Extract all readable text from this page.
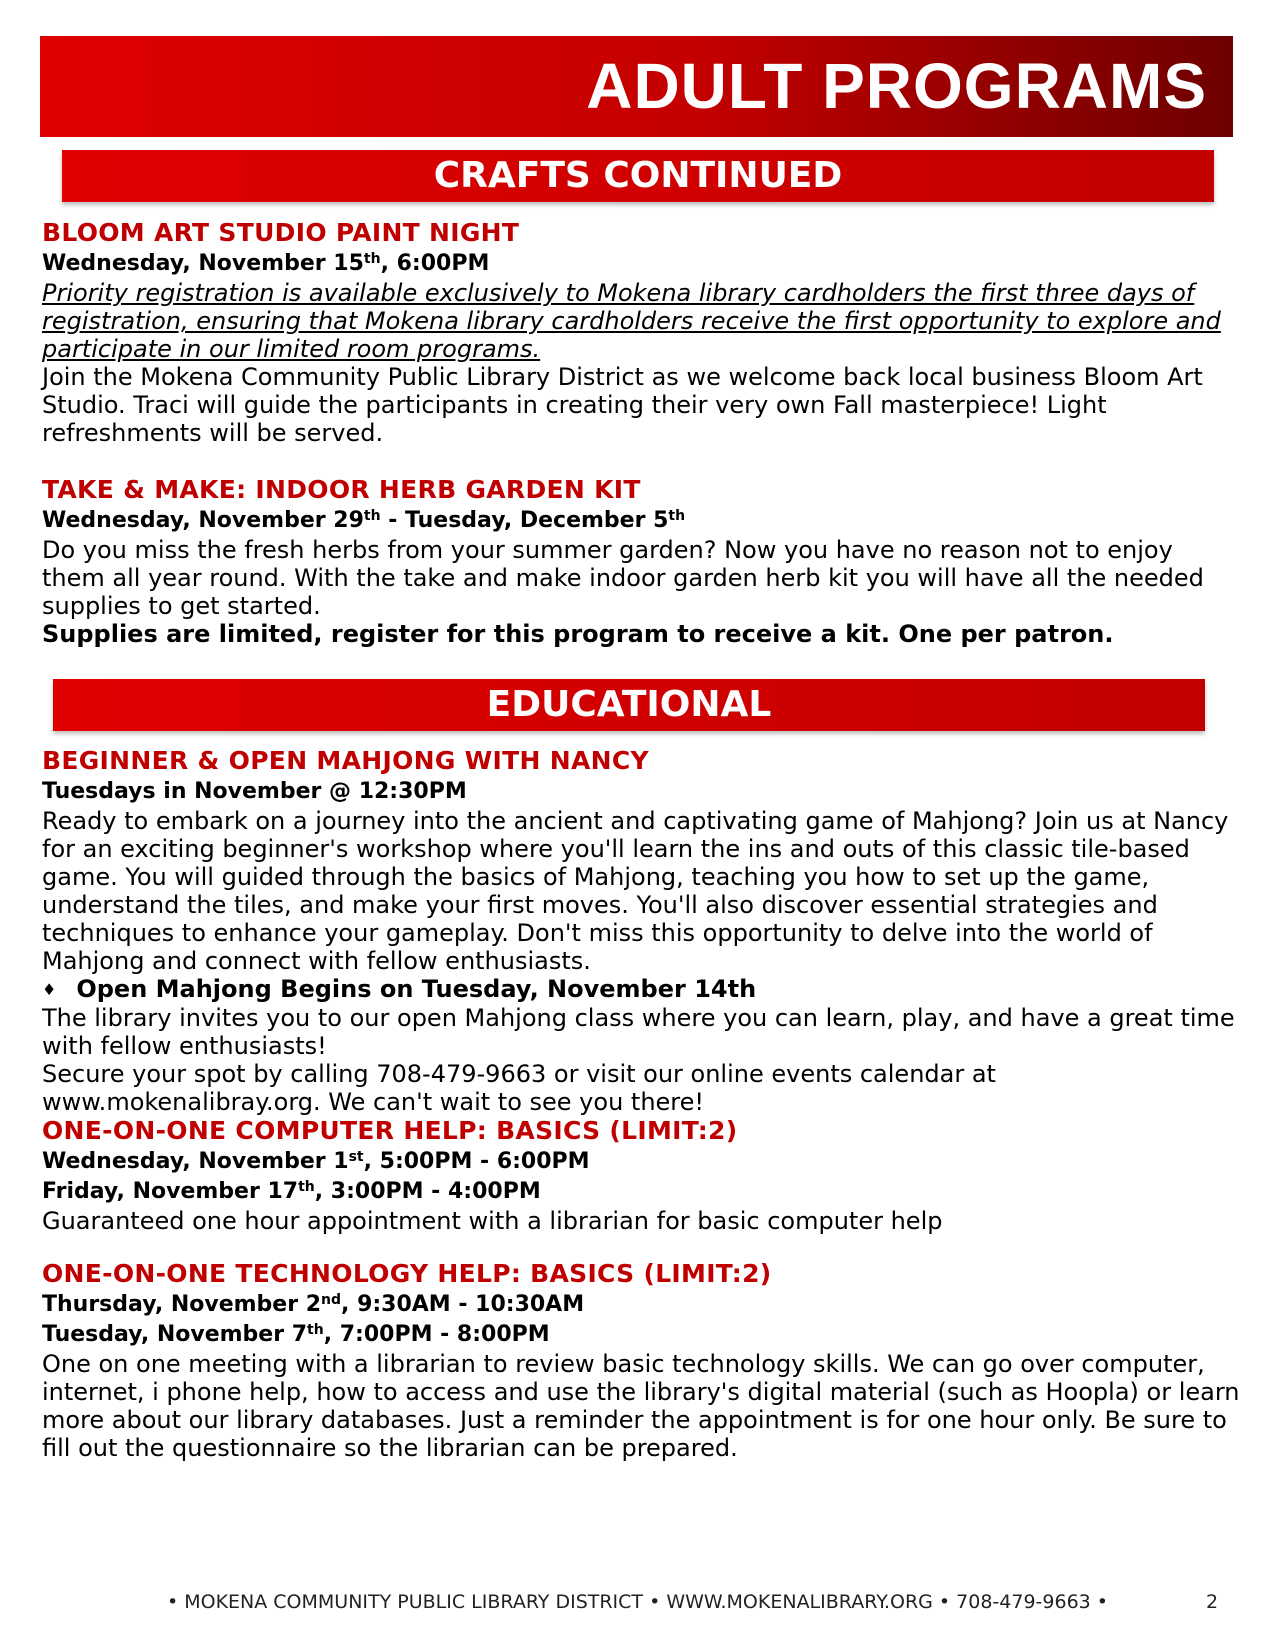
ADULT PROGRAMS
CRAFTS CONTINUED

BLOOM ART STUDIO PAINT NIGHT

Wednesday, November 15th, 6:00PM

Priority registration is available exclusively to Mokena library cardholders the first three days of registration, ensuring that Mokena library cardholders receive the first opportunity to explore and participate in our limited room programs.

Join the Mokena Community Public Library District as we welcome back local business Bloom Art Studio. Traci will guide the participants in creating their very own Fall masterpiece! Light refreshments will be served.

TAKE & MAKE: INDOOR HERB GARDEN KIT

Wednesday, November 29th - Tuesday, December 5th

Do you miss the fresh herbs from your summer garden? Now you have no reason not to enjoy them all year round. With the take and make indoor garden herb kit you will have all the needed supplies to get started.

Supplies are limited, register for this program to receive a kit. One per patron.

EDUCATIONAL

BEGINNER & OPEN MAHJONG WITH NANCY

Tuesdays in November @ 12:30PM

Ready to embark on a journey into the ancient and captivating game of Mahjong? Join us at Nancy for an exciting beginner's workshop where you'll learn the ins and outs of this classic tile-based game. You will guided through the basics of Mahjong, teaching you how to set up the game, understand the tiles, and make your first moves. You'll also discover essential strategies and techniques to enhance your gameplay. Don't miss this opportunity to delve into the world of Mahjong and connect with fellow enthusiasts.

♦ Open Mahjong Begins on Tuesday, November 14th

The library invites you to our open Mahjong class where you can learn, play, and have a great time with fellow enthusiasts!

Secure your spot by calling 708-479-9663 or visit our online events calendar at www.mokenalibray.org. We can't wait to see you there!

ONE-ON-ONE COMPUTER HELP: BASICS (LIMIT:2)

Wednesday, November 1st, 5:00PM - 6:00PM

Friday, November 17th, 3:00PM - 4:00PM

Guaranteed one hour appointment with a librarian for basic computer help

ONE-ON-ONE TECHNOLOGY HELP: BASICS (LIMIT:2)

Thursday, November 2nd, 9:30AM - 10:30AM

Tuesday, November 7th, 7:00PM - 8:00PM

One on one meeting with a librarian to review basic technology skills. We can go over computer, internet, i phone help, how to access and use the library's digital material (such as Hoopla) or learn more about our library databases. Just a reminder the appointment is for one hour only. Be sure to fill out the questionnaire so the librarian can be prepared.

• MOKENA COMMUNITY PUBLIC LIBRARY DISTRICT • WWW.MOKENALIBRARY.ORG • 708-479-9663 •	2
